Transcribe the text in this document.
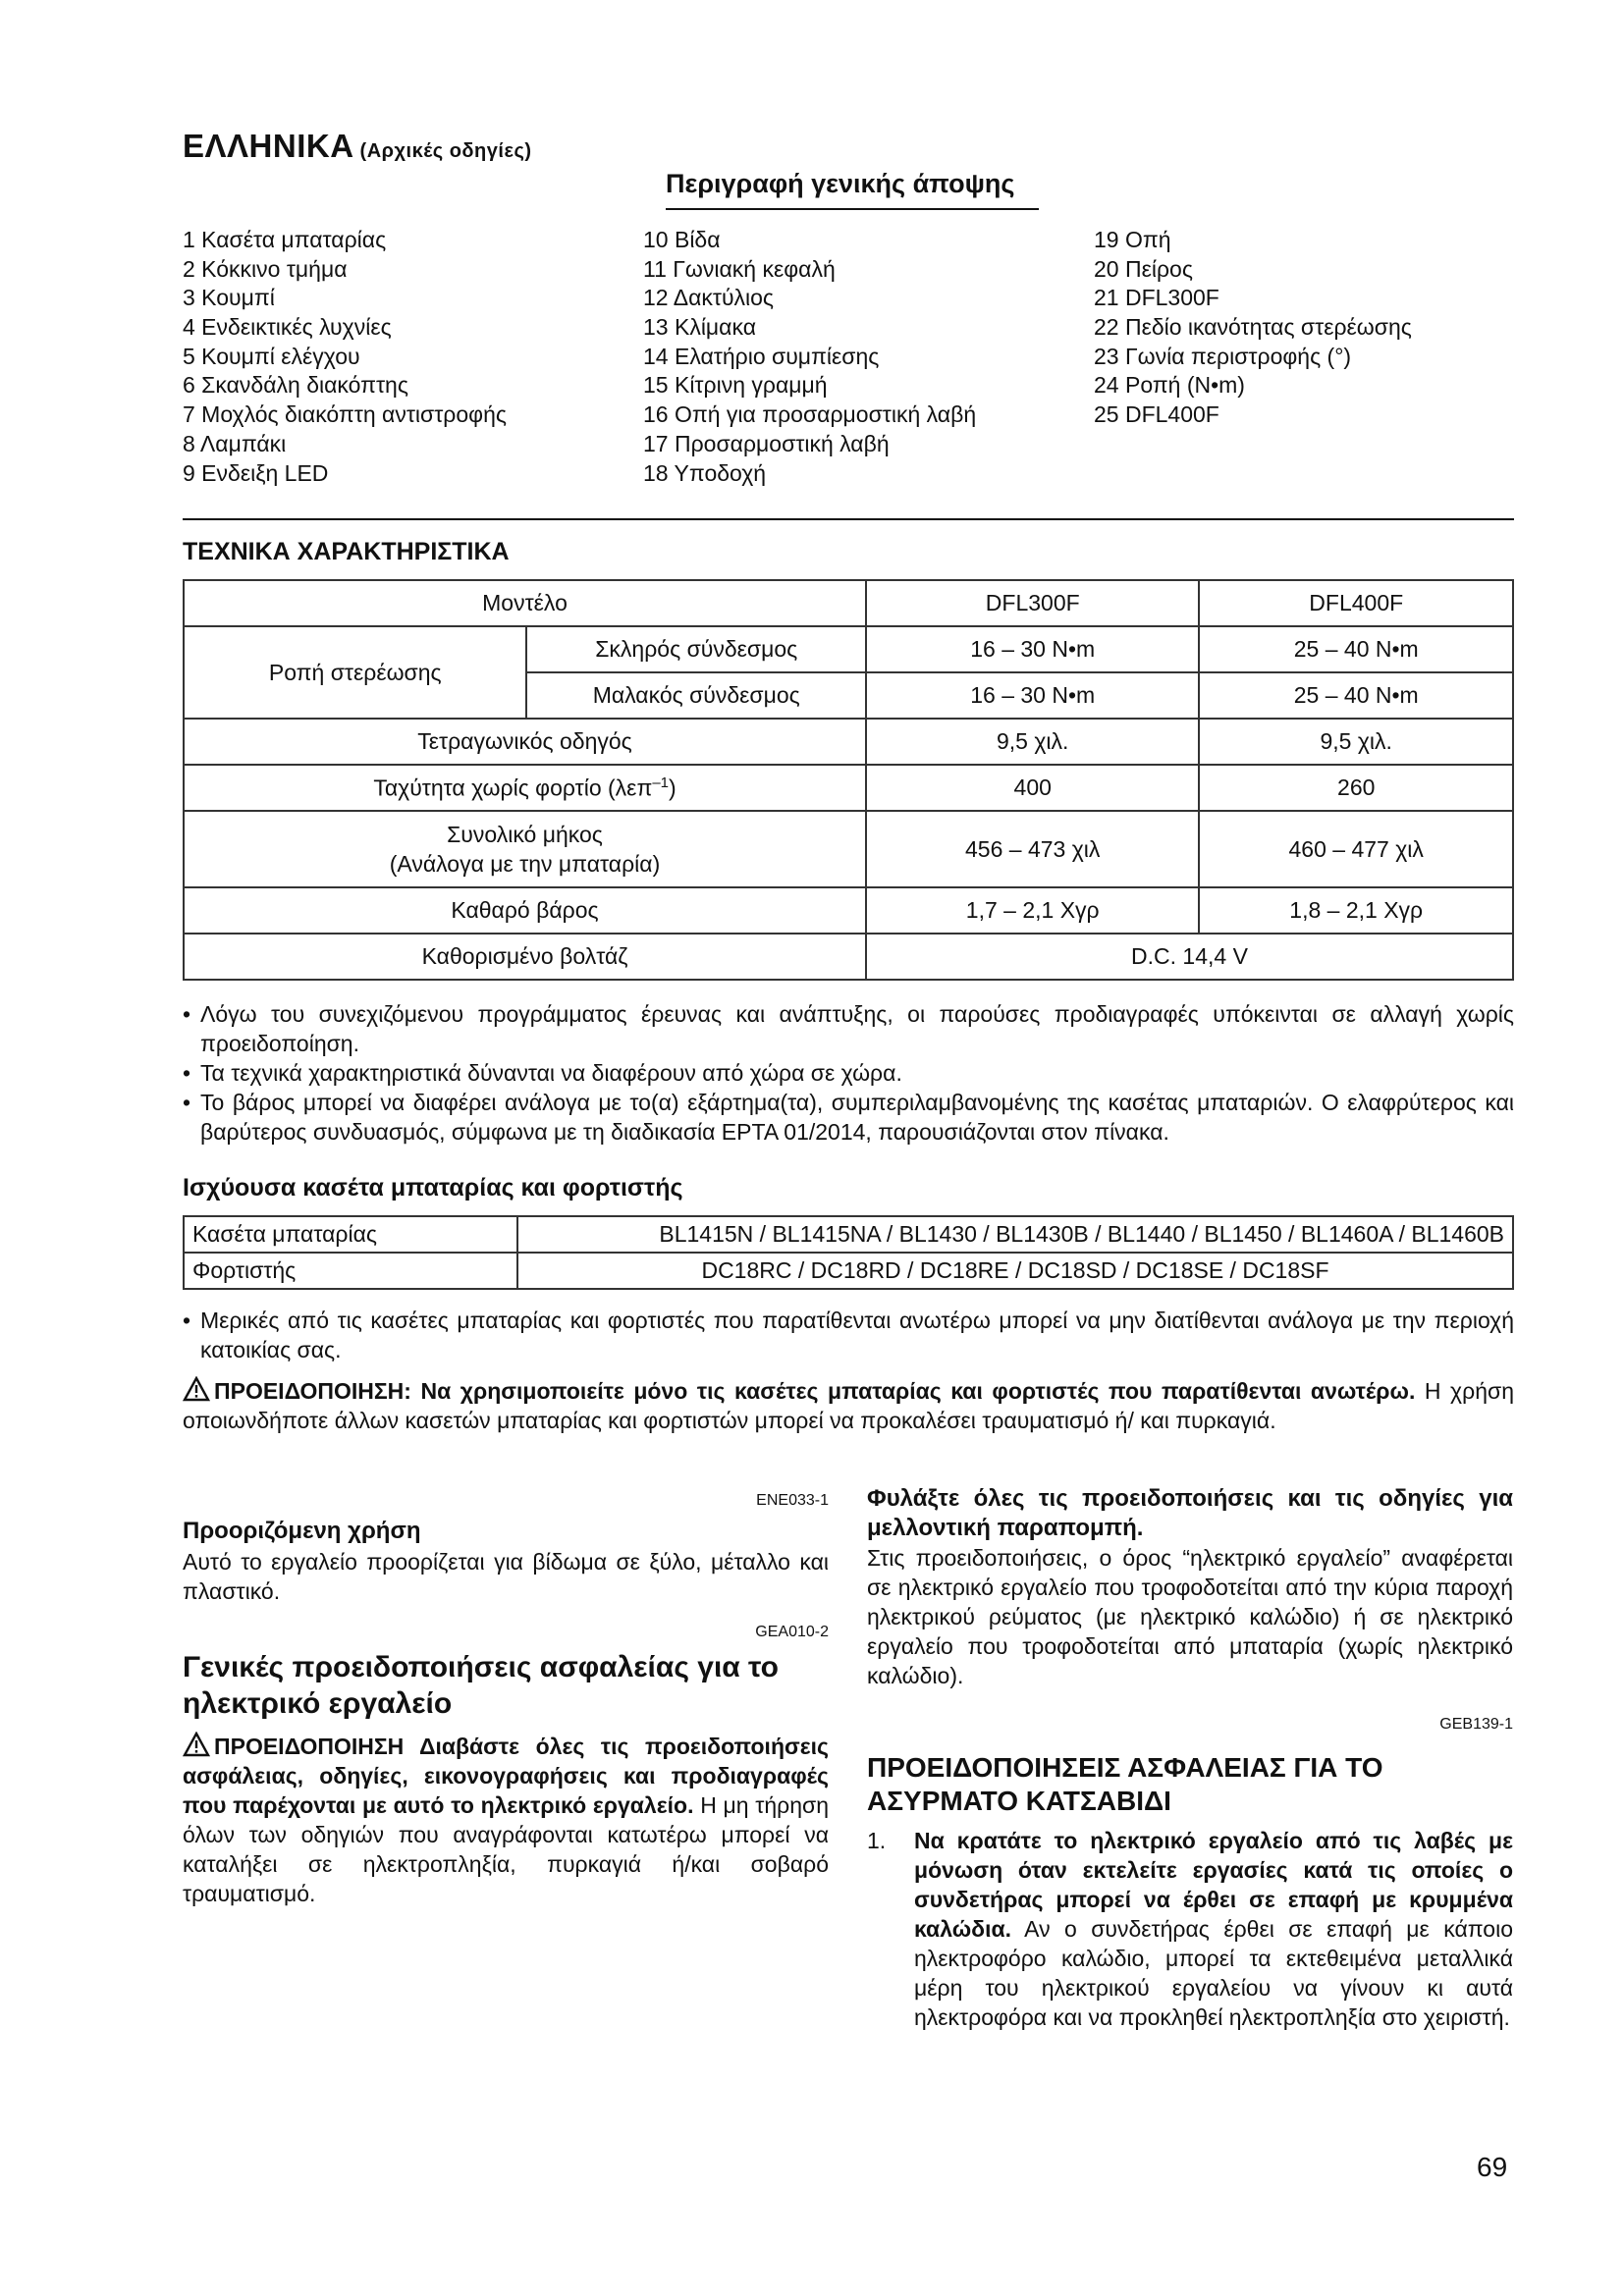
ΕΛΛΗΝΙΚΑ (Αρχικές οδηγίες)
Περιγραφή γενικής άποψης
1 Κασέτα μπαταρίας
2 Κόκκινο τμήμα
3 Κουμπί
4 Ενδεικτικές λυχνίες
5 Κουμπί ελέγχου
6 Σκανδάλη διακόπτης
7 Μοχλός διακόπτη αντιστροφής
8 Λαμπάκι
9 Ενδειξη LED
10 Βίδα
11 Γωνιακή κεφαλή
12 Δακτύλιος
13 Κλίμακα
14 Ελατήριο συμπίεσης
15 Κίτρινη γραμμή
16 Οπή για προσαρμοστική λαβή
17 Προσαρμοστική λαβή
18 Υποδοχή
19 Οπή
20 Πείρος
21 DFL300F
22 Πεδίο ικανότητας στερέωσης
23 Γωνία περιστροφής (°)
24 Ροπή (N•m)
25 DFL400F
ΤΕΧΝΙΚΑ ΧΑΡΑΚΤΗΡΙΣΤΙΚΑ
Μοντέλο		DFL300F	DFL400F
Ροπή στερέωσης	Σκληρός σύνδεσμος	16 – 30 N•m	25 – 40 N•m
	Μαλακός σύνδεσμος	16 – 30 N•m	25 – 40 N•m
Τετραγωνικός οδηγός		9,5 χιλ.	9,5 χιλ.
Ταχύτητα χωρίς φορτίο (λεπ$^{-1}$)		400	260

Συνολικό μήκος
(Ανάλογα με την μπαταρία)		456 – 473 χιλ	460 – 477 χιλ
Καθαρό βάρος		1,7 – 2,1 Χγρ	1,8 – 2,1 Χγρ
Καθορισμένο βολτάζ		D.C. 14,4 V	
• Λόγω του συνεχιζόμενου προγράμματος έρευνας και ανάπτυξης, οι παρούσες προδιαγραφές υπόκεινται σε αλλαγή χωρίς προειδοποίηση.
• Τα τεχνικά χαρακτηριστικά δύνανται να διαφέρουν από χώρα σε χώρα.
• Το βάρος μπορεί να διαφέρει ανάλογα με το(α) εξάρτημα(τα), συμπεριλαμβανομένης της κασέτας μπαταριών. Ο ελαφρύτερος και βαρύτερος συνδυασμός, σύμφωνα με τη διαδικασία EPTA 01/2014, παρουσιάζονται στον πίνακα.
Ισχύουσα κασέτα μπαταρίας και φορτιστής
Κασέτα μπαταρίας	BL1415N / BL1415NA / BL1430 / BL1430B / BL1440 / BL1450 / BL1460A / BL1460B
Φορτιστής	DC18RC / DC18RD / DC18RE / DC18SD / DC18SE / DC18SF
• Μερικές από τις κασέτες μπαταρίας και φορτιστές που παρατίθενται ανωτέρω μπορεί να μην διατίθενται ανάλογα με την περιοχή κατοικίας σας.
ΠΡΟΕΙΔΟΠΟΙΗΣΗ: Να χρησιμοποιείτε μόνο τις κασέτες μπαταρίας και φορτιστές που παρατίθενται ανωτέρω. Η χρήση οποιωνδήποτε άλλων κασετών μπαταρίας και φορτιστών μπορεί να προκαλέσει τραυματισμό ή/ και πυρκαγιά.
ENE033-1
Προοριζόμενη χρήση
Αυτό το εργαλείο προορίζεται για βίδωμα σε ξύλο, μέταλλο και πλαστικό.
GEA010-2
Γενικές προειδοποιήσεις ασφαλείας για το ηλεκτρικό εργαλείο
ΠΡΟΕΙΔΟΠΟΙΗΣΗ Διαβάστε όλες τις προειδοποιήσεις ασφάλειας, οδηγίες, εικονογραφήσεις και προδιαγραφές που παρέχονται με αυτό το ηλεκτρικό εργαλείο. Η μη τήρηση όλων των οδηγιών που αναγράφονται κατωτέρω μπορεί να καταλήξει σε ηλεκτροπληξία, πυρκαγιά ή/και σοβαρό τραυματισμό.
Φυλάξτε όλες τις προειδοποιήσεις και τις οδηγίες για μελλοντική παραπομπή.
Στις προειδοποιήσεις, ο όρος “ηλεκτρικό εργαλείο” αναφέρεται σε ηλεκτρικό εργαλείο που τροφοδοτείται από την κύρια παροχή ηλεκτρικού ρεύματος (με ηλεκτρικό καλώδιο) ή σε ηλεκτρικό εργαλείο που τροφοδοτείται από μπαταρία (χωρίς ηλεκτρικό καλώδιο).
GEB139-1
ΠΡΟΕΙΔΟΠΟΙΗΣΕΙΣ ΑΣΦΑΛΕΙΑΣ ΓΙΑ ΤΟ ΑΣΥΡΜΑΤΟ ΚΑΤΣΑΒΙΔΙ
1. Να κρατάτε το ηλεκτρικό εργαλείο από τις λαβές με μόνωση όταν εκτελείτε εργασίες κατά τις οποίες ο συνδετήρας μπορεί να έρθει σε επαφή με κρυμμένα καλώδια. Αν ο συνδετήρας έρθει σε επαφή με κάποιο ηλεκτροφόρο καλώδιο, μπορεί τα εκτεθειμένα μεταλλικά μέρη του ηλεκτρικού εργαλείου να γίνουν κι αυτά ηλεκτροφόρα και να προκληθεί ηλεκτροπληξία στο χειριστή.
69
